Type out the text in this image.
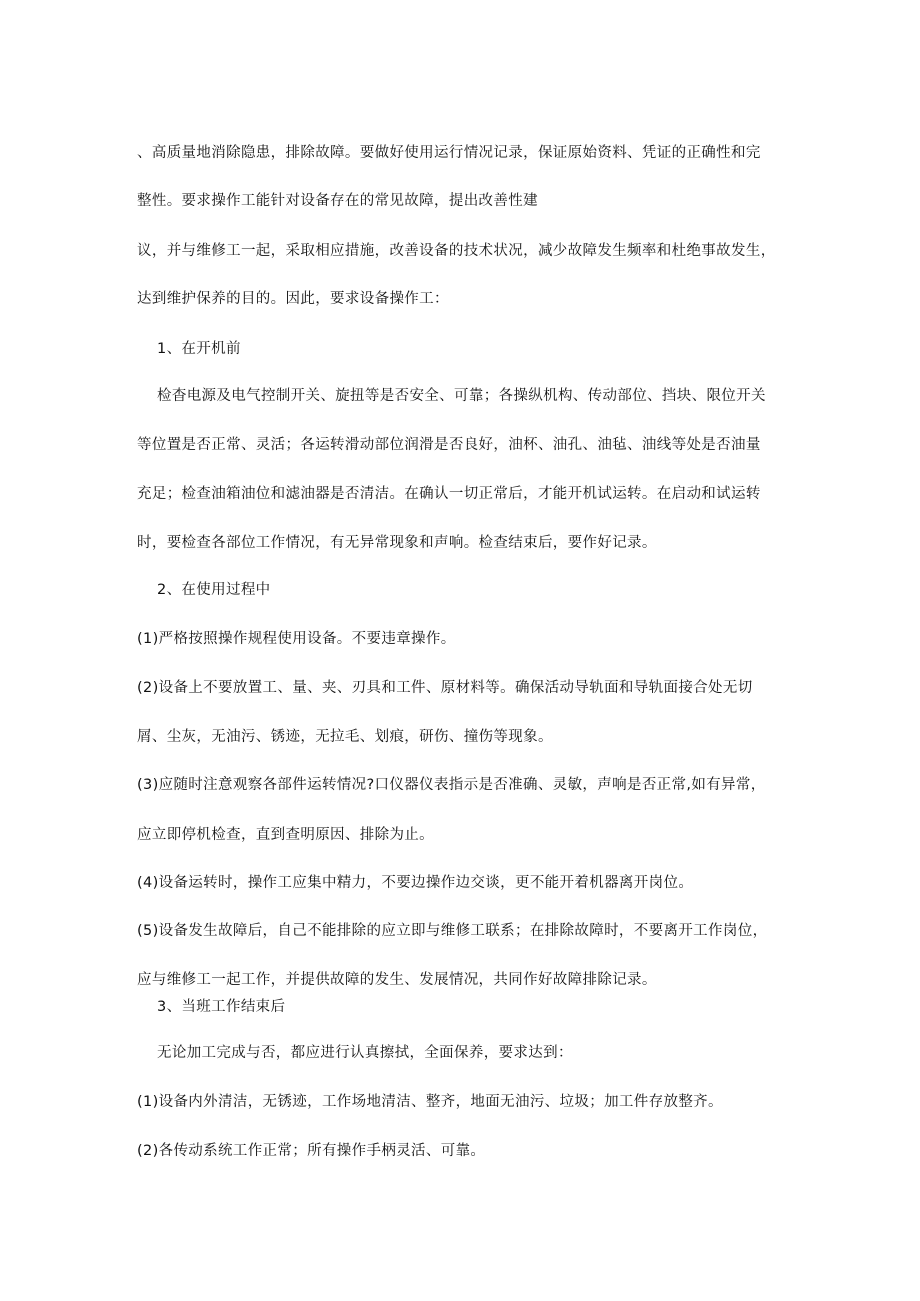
、高质量地消除隐患，排除故障。要做好使用运行情况记录，保证原始资料、凭证的正确性和完
整性。要求操作工能针对设备存在的常见故障，提出改善性建
议，并与维修工一起，采取相应措施，改善设备的技术状况，减少故障发生频率和杜绝事故发生，
达到维护保养的目的。因此，要求设备操作工：
1、在开机前
检杳电源及电气控制开关、旋扭等是否安全、可靠；各操纵机构、传动部位、挡块、限位开关
等位置是否正常、灵活；各运转滑动部位润滑是否良好，油杯、油孔、油毡、油线等处是否油量
充足；检查油箱油位和滤油器是否清洁。在确认一切正常后，才能开机试运转。在启动和试运转
时，要检查各部位工作情况，有无异常现象和声响。检查结束后，要作好记录。
2、在使用过程中
(1)严格按照操作规程使用设备。不要违章操作。
(2)设备上不要放置工、量、夹、刃具和工件、原材料等。确保活动导轨面和导轨面接合处无切
屑、尘灰，无油污、锈迹，无拉毛、划痕，研伤、撞伤等现象。
(3)应随时注意观察各部件运转情况?口仪器仪表指示是否准确、灵敏，声响是否正常,如有异常，
应立即停机检查，直到查明原因、排除为止。
(4)设备运转时，操作工应集中精力，不要边操作边交谈，更不能开着机器离开岗位。
(5)设备发生故障后，自己不能排除的应立即与维修工联系；在排除故障时，不要离开工作岗位，
应与维修工一起工作，并提供故障的发生、发展情况，共同作好故障排除记录。
3、当班工作结束后
无论加工完成与否，都应进行认真擦拭，全面保养，要求达到：
(1)设备内外清洁，无锈迹，工作场地清洁、整齐，地面无油污、垃圾；加工件存放整齐。
(2)各传动系统工作正常；所有操作手柄灵活、可靠。
